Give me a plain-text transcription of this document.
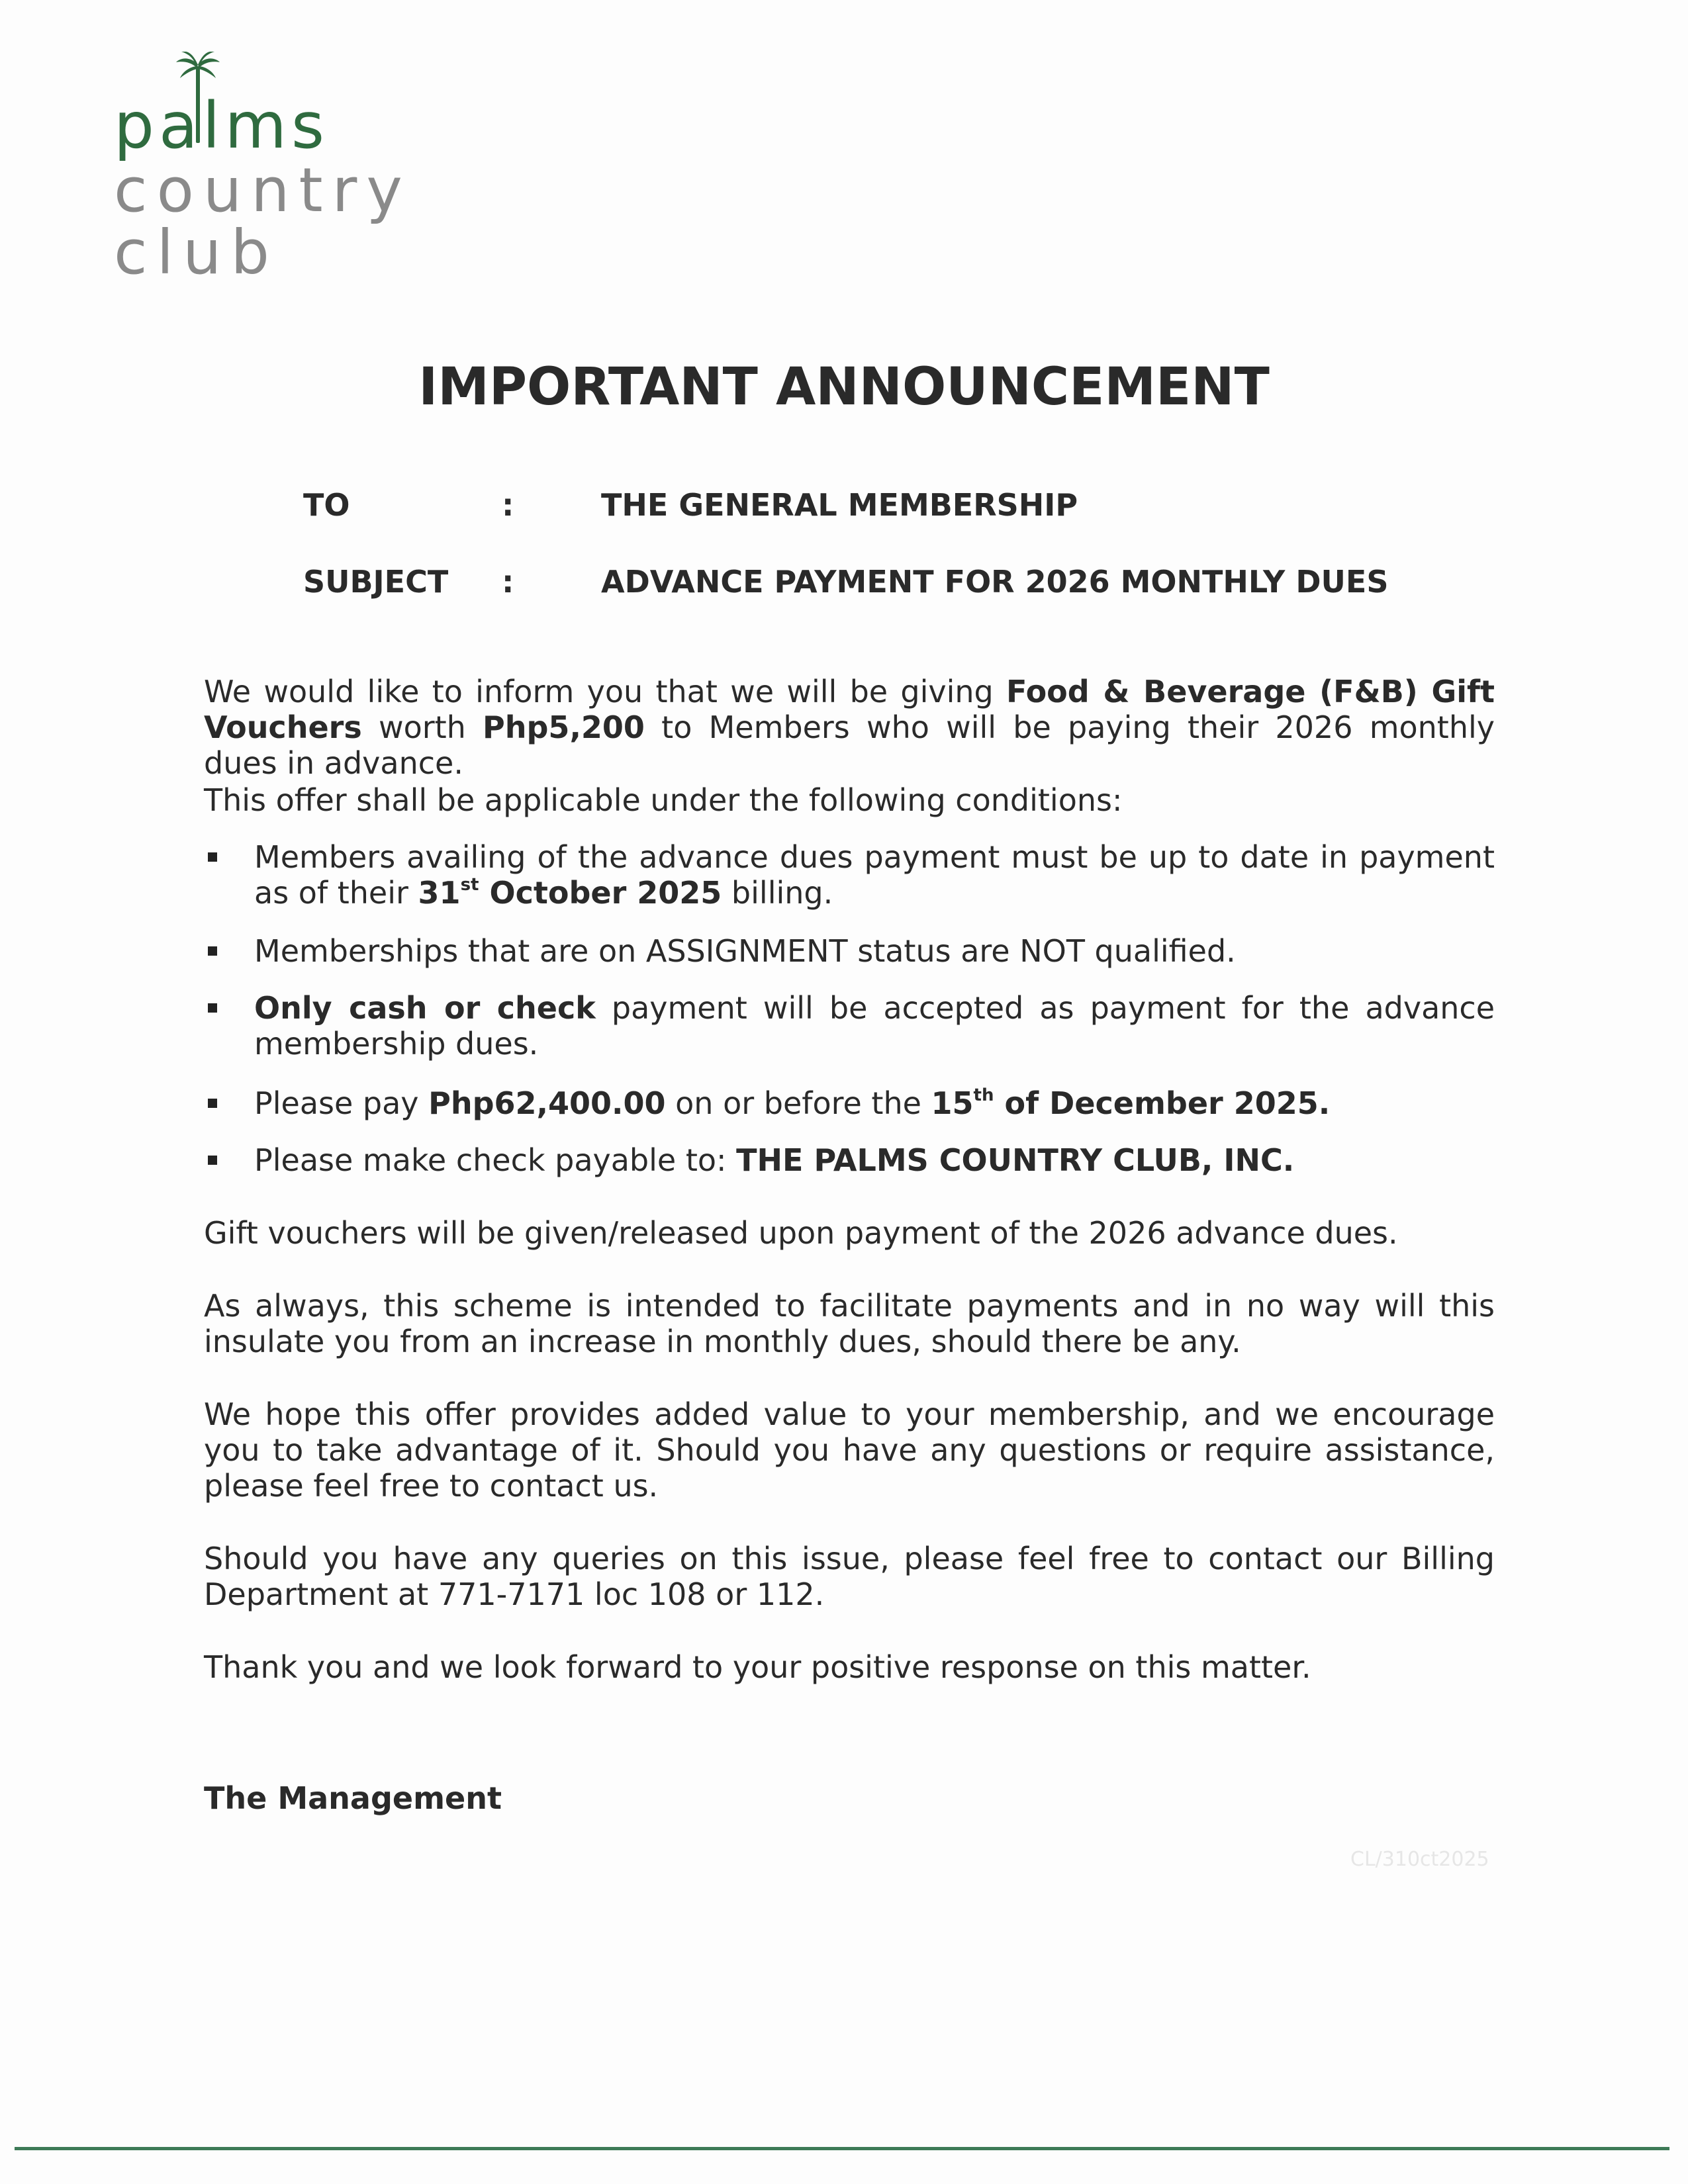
palms
country
club
IMPORTANT ANNOUNCEMENT
TO	:	THE GENERAL MEMBERSHIP
SUBJECT :	ADVANCE PAYMENT FOR 2026 MONTHLY DUES
We would like to inform you that we will be giving Food & Beverage (F&B) Gift Vouchers worth Php5,200 to Members who will be paying their 2026 monthly dues in advance.
This offer shall be applicable under the following conditions:
Members availing of the advance dues payment must be up to date in payment as of their 31st October 2025 billing.
Memberships that are on ASSIGNMENT status are NOT qualified.
Only cash or check payment will be accepted as payment for the advance membership dues.
Please pay Php62,400.00 on or before the 15th of December 2025.
Please make check payable to: THE PALMS COUNTRY CLUB, INC.
Gift vouchers will be given/released upon payment of the 2026 advance dues.
As always, this scheme is intended to facilitate payments and in no way will this insulate you from an increase in monthly dues, should there be any.
We hope this offer provides added value to your membership, and we encourage you to take advantage of it. Should you have any questions or require assistance, please feel free to contact us.
Should you have any queries on this issue, please feel free to contact our Billing Department at 771-7171 loc 108 or 112.
Thank you and we look forward to your positive response on this matter.
The Management
CL/310ct2025
